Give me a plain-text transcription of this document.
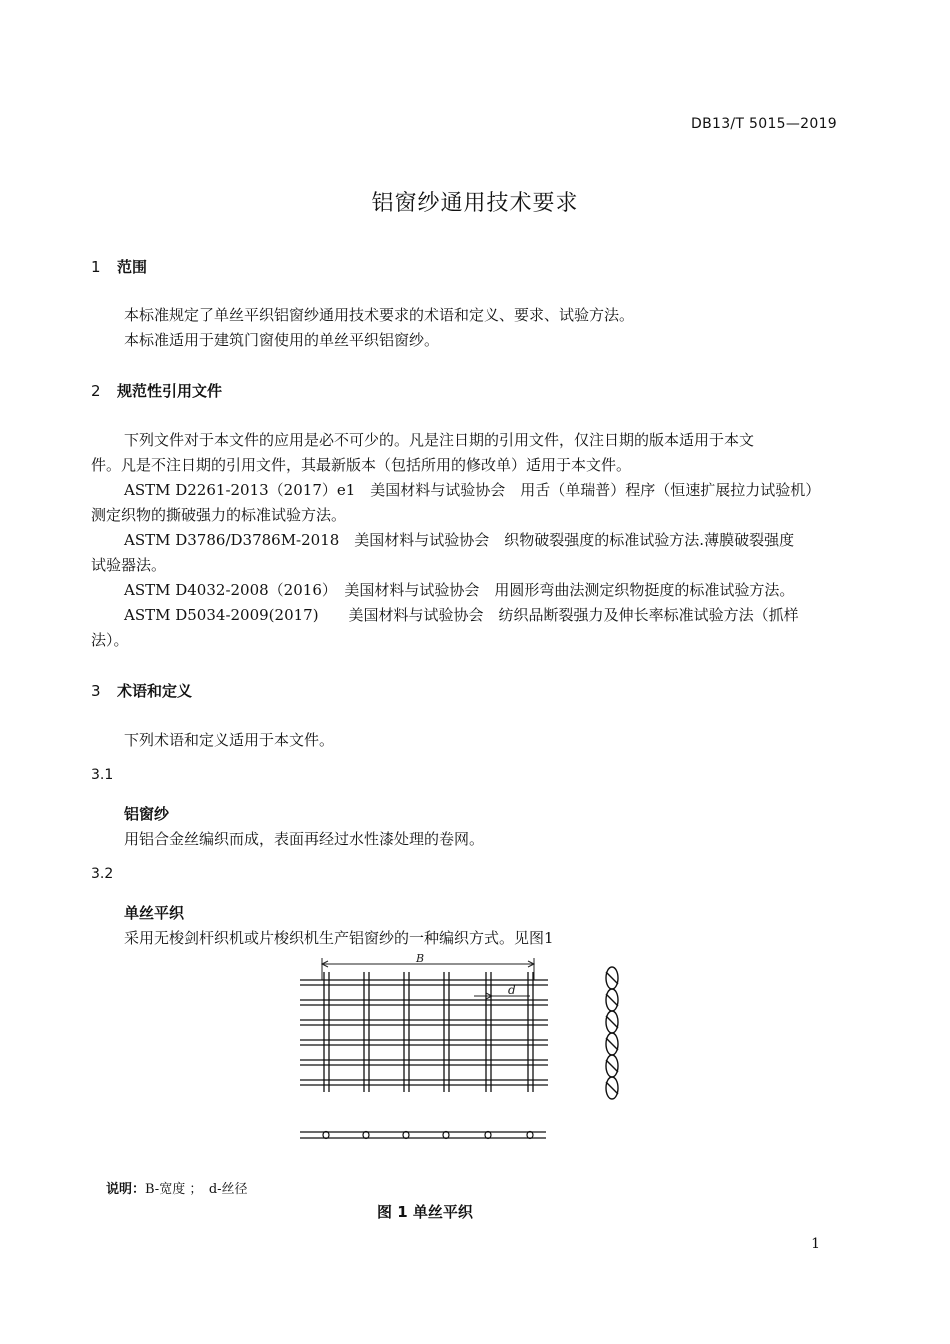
DB13/T 5015—2019
铝窗纱通用技术要求
1 范围
本标准规定了单丝平织铝窗纱通用技术要求的术语和定义、要求、试验方法。
本标准适用于建筑门窗使用的单丝平织铝窗纱。
2 规范性引用文件
下列文件对于本文件的应用是必不可少的。凡是注日期的引用文件，仅注日期的版本适用于本文
件。凡是不注日期的引用文件，其最新版本（包括所用的修改单）适用于本文件。
ASTM D2261-2013（2017）e1　美国材料与试验协会　用舌（单瑞普）程序（恒速扩展拉力试验机）
测定织物的撕破强力的标准试验方法。
ASTM D3786/D3786M-2018　美国材料与试验协会　织物破裂强度的标准试验方法.薄膜破裂强度
试验器法。
ASTM D4032-2008（2016）　美国材料与试验协会　用圆形弯曲法测定织物挺度的标准试验方法。
ASTM D5034-2009(2017)　　美国材料与试验协会　纺织品断裂强力及伸长率标准试验方法（抓样
法）。
3 术语和定义
下列术语和定义适用于本文件。
3.1
铝窗纱
用铝合金丝编织而成，表面再经过水性漆处理的卷网。
3.2
单丝平织
采用无梭剑杆织机或片梭织机生产铝窗纱的一种编织方式。见图1
B
d
说明：B-宽度 ；　d-丝径
图 1 单丝平织
1
